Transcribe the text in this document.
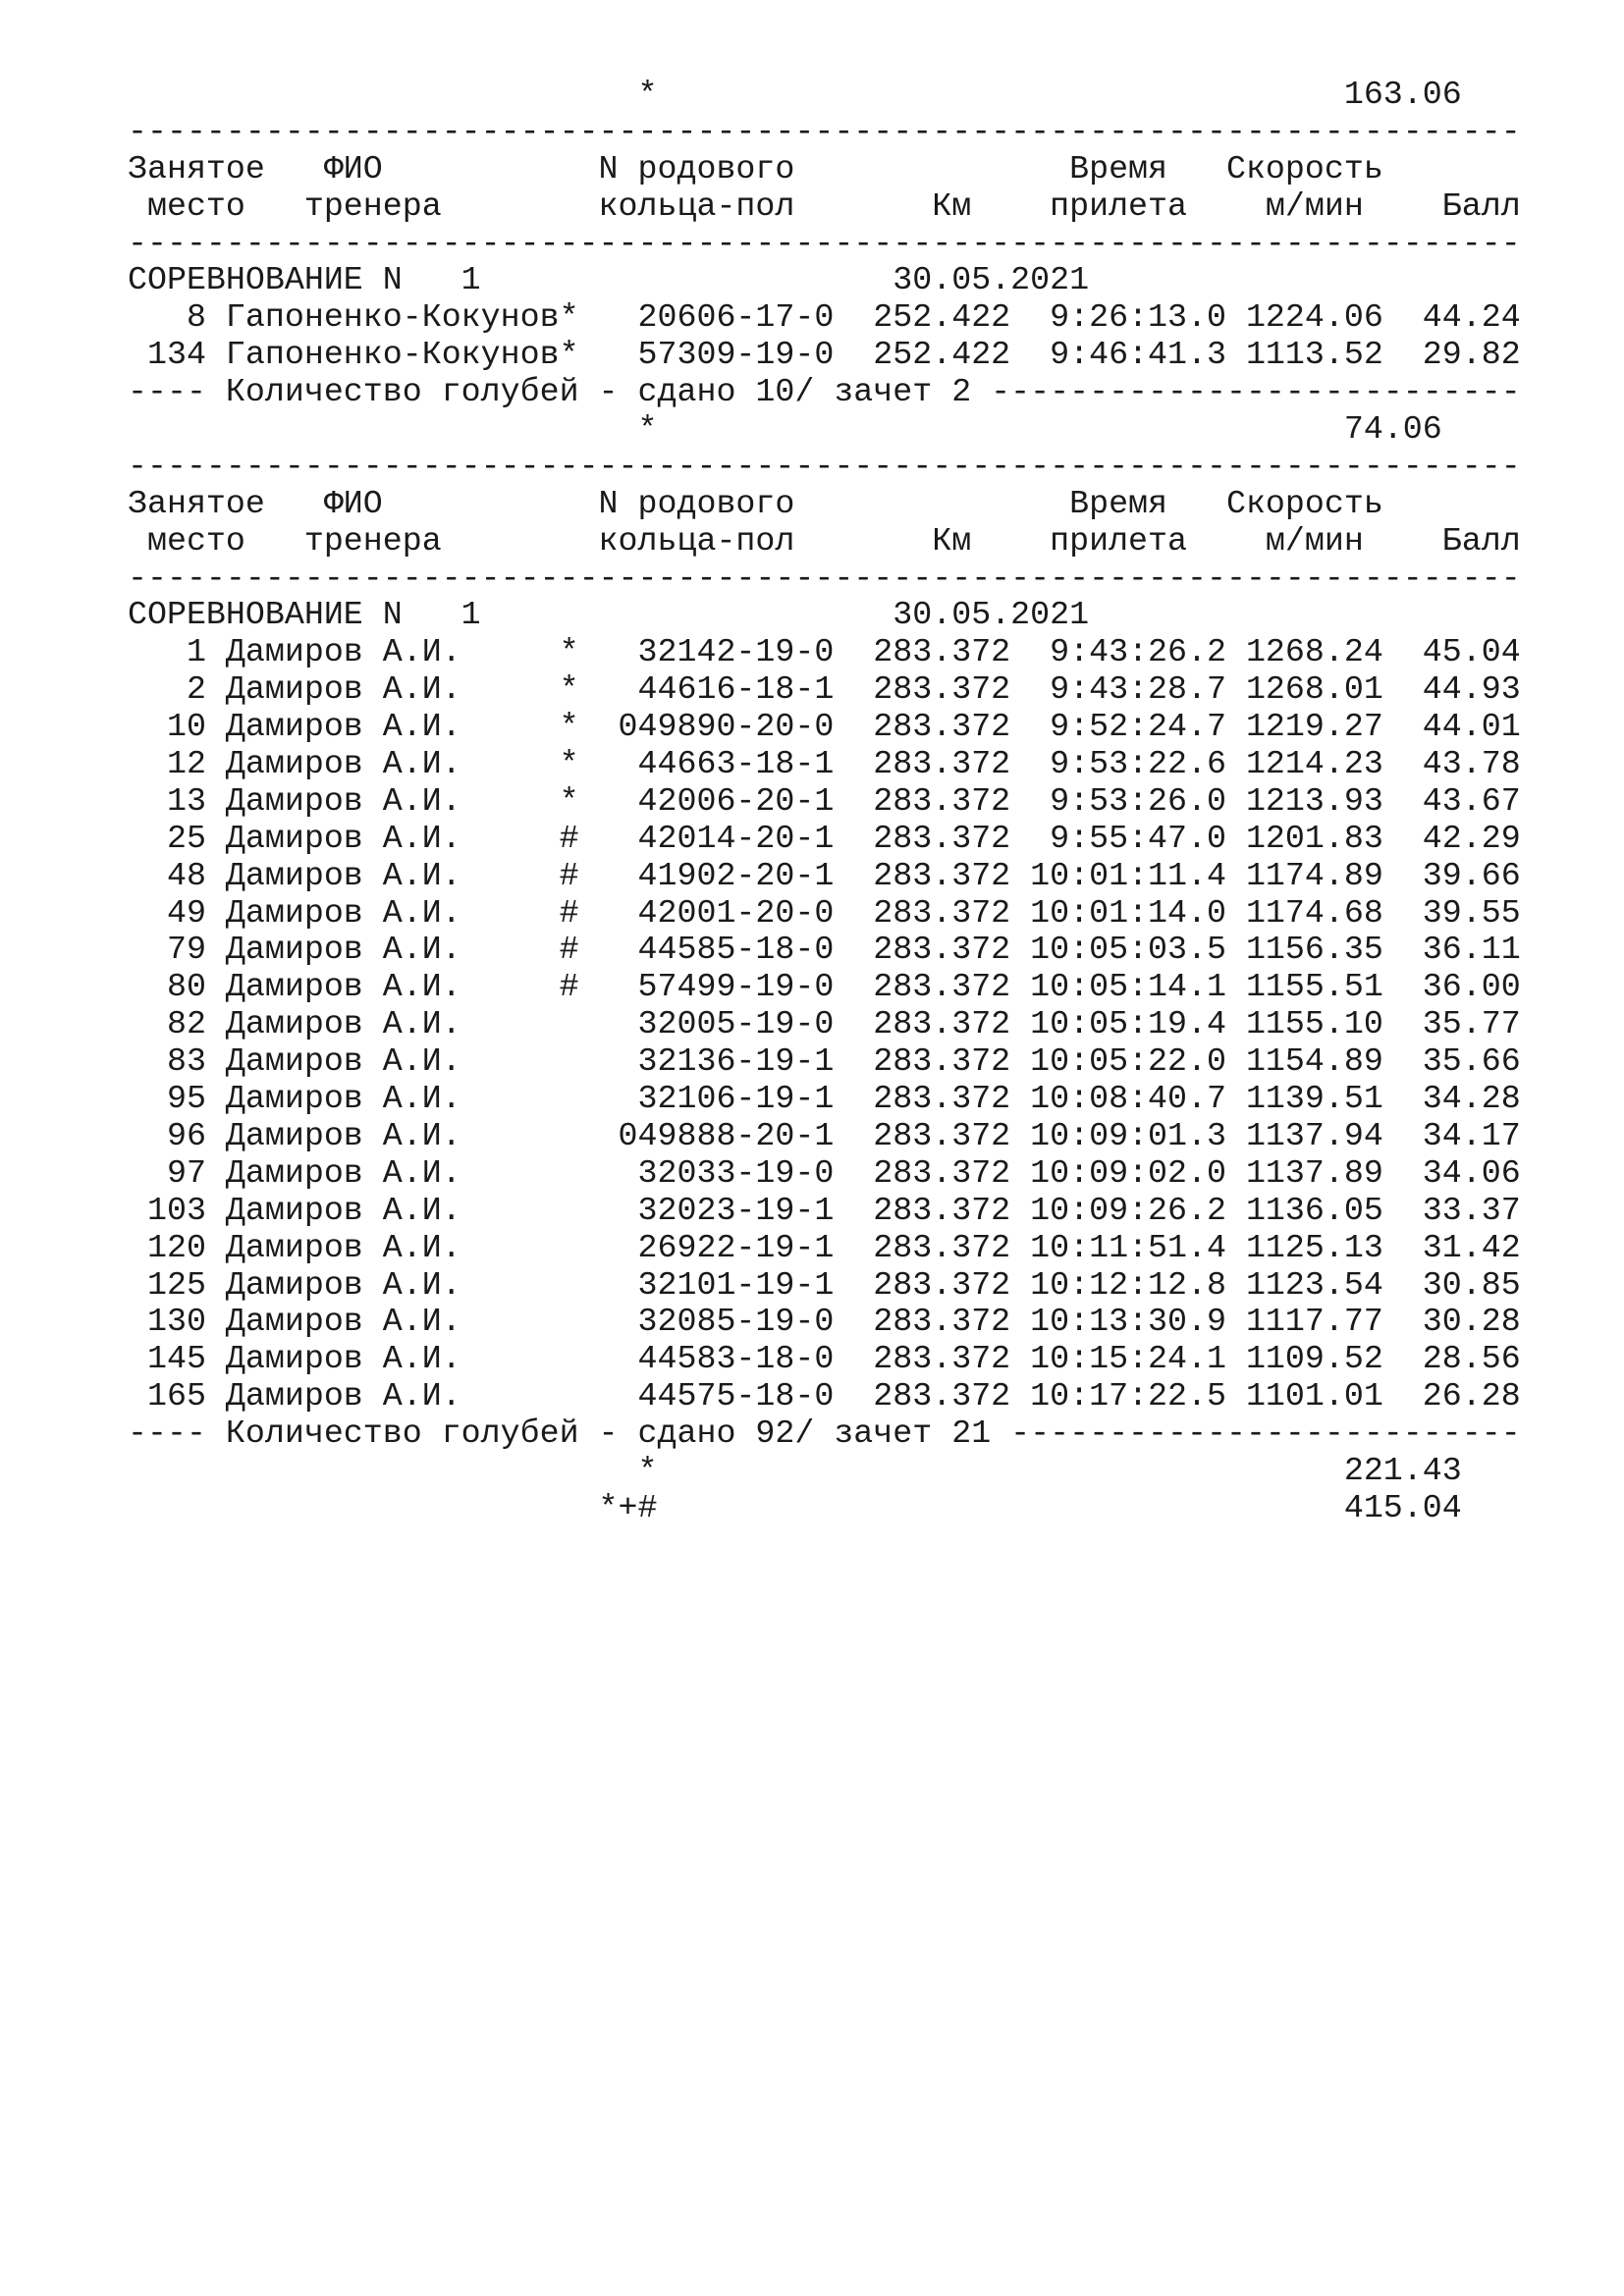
*                                   163.06
-----------------------------------------------------------------------
Занятое   ФИО           N родового              Время   Скорость
место   тренера        кольца-пол       Км    прилета    м/мин    Балл
-----------------------------------------------------------------------
СОРЕВНОВАНИЕ N   1                     30.05.2021
8 Гапоненко-Кокунов*   20606-17-0  252.422  9:26:13.0 1224.06  44.24
134 Гапоненко-Кокунов*   57309-19-0  252.422  9:46:41.3 1113.52  29.82
---- Количество голубей - сдано 10/ зачет 2 ---------------------------
*                                   74.06
-----------------------------------------------------------------------
Занятое   ФИО           N родового              Время   Скорость
место   тренера        кольца-пол       Км    прилета    м/мин    Балл
-----------------------------------------------------------------------
СОРЕВНОВАНИЕ N   1                     30.05.2021
1 Дамиров А.И.     *   32142-19-0  283.372  9:43:26.2 1268.24  45.04
2 Дамиров А.И.     *   44616-18-1  283.372  9:43:28.7 1268.01  44.93
10 Дамиров А.И.     *  049890-20-0  283.372  9:52:24.7 1219.27  44.01
12 Дамиров А.И.     *   44663-18-1  283.372  9:53:22.6 1214.23  43.78
13 Дамиров А.И.     *   42006-20-1  283.372  9:53:26.0 1213.93  43.67
25 Дамиров А.И.     #   42014-20-1  283.372  9:55:47.0 1201.83  42.29
48 Дамиров А.И.     #   41902-20-1  283.372 10:01:11.4 1174.89  39.66
49 Дамиров А.И.     #   42001-20-0  283.372 10:01:14.0 1174.68  39.55
79 Дамиров А.И.     #   44585-18-0  283.372 10:05:03.5 1156.35  36.11
80 Дамиров А.И.     #   57499-19-0  283.372 10:05:14.1 1155.51  36.00
82 Дамиров А.И.         32005-19-0  283.372 10:05:19.4 1155.10  35.77
83 Дамиров А.И.         32136-19-1  283.372 10:05:22.0 1154.89  35.66
95 Дамиров А.И.         32106-19-1  283.372 10:08:40.7 1139.51  34.28
96 Дамиров А.И.        049888-20-1  283.372 10:09:01.3 1137.94  34.17
97 Дамиров А.И.         32033-19-0  283.372 10:09:02.0 1137.89  34.06
103 Дамиров А.И.         32023-19-1  283.372 10:09:26.2 1136.05  33.37
120 Дамиров А.И.         26922-19-1  283.372 10:11:51.4 1125.13  31.42
125 Дамиров А.И.         32101-19-1  283.372 10:12:12.8 1123.54  30.85
130 Дамиров А.И.         32085-19-0  283.372 10:13:30.9 1117.77  30.28
145 Дамиров А.И.         44583-18-0  283.372 10:15:24.1 1109.52  28.56
165 Дамиров А.И.         44575-18-0  283.372 10:17:22.5 1101.01  26.28
---- Количество голубей - сдано 92/ зачет 21 --------------------------
*                                   221.43
*+#                                   415.04
